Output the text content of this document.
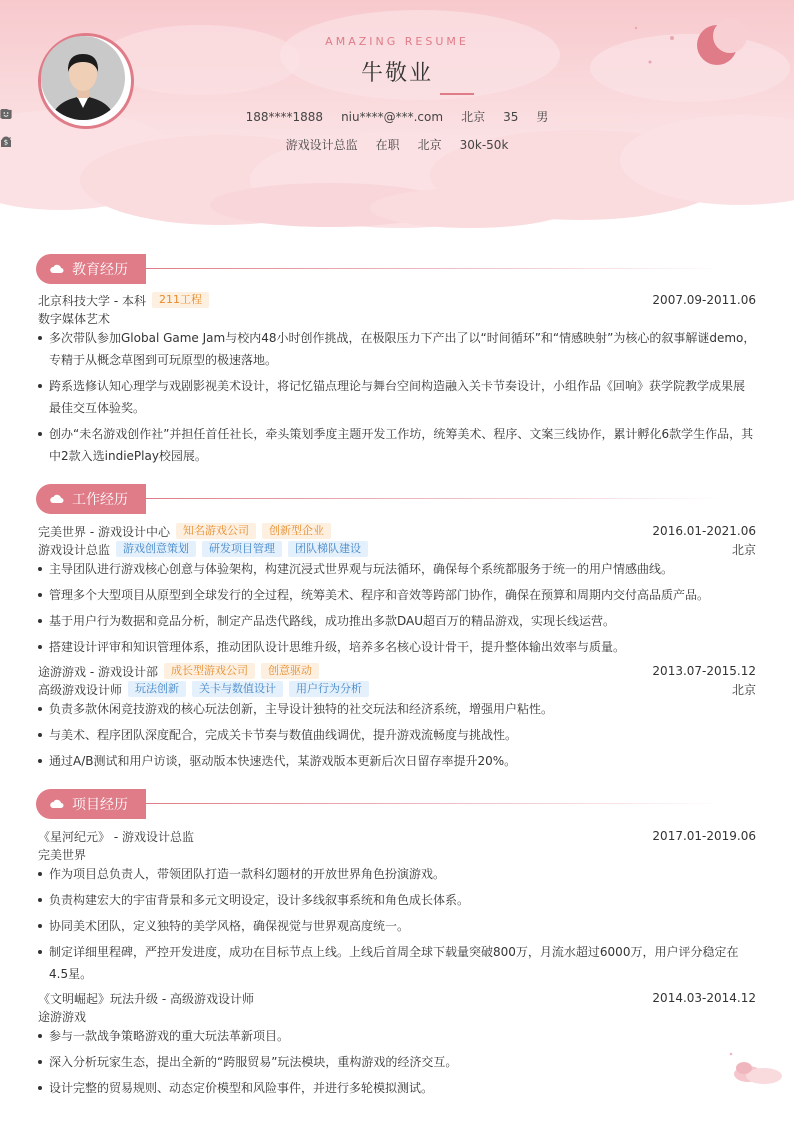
AMAZING RESUME
牛敬业
188****1888 niu****@***.com 北京 35 男
游戏设计总监 在职 北京
$	30k-50k
教育经历
北京科技大学 - 本科	211工程	2007.09-2011.06
数字媒体艺术
多次带队参加Global Game Jam与校内48小时创作挑战，在极限压力下产出了以“时间循环”和“情感映射”为核心的叙事解谜demo，专精于从概念草图到可玩原型的极速落地。
跨系选修认知心理学与戏剧影视美术设计，将记忆锚点理论与舞台空间构造融入关卡节奏设计，小组作品《回响》获学院教学成果展最佳交互体验奖。
创办“未名游戏创作社”并担任首任社长，牵头策划季度主题开发工作坊，统筹美术、程序、文案三线协作，累计孵化6款学生作品，其中2款入选indiePlay校园展。
工作经历
完美世界 - 游戏设计中心	知名游戏公司	创新型企业	2016.01-2021.06
游戏设计总监	游戏创意策划	研发项目管理	团队梯队建设	北京
主导团队进行游戏核心创意与体验架构，构建沉浸式世界观与玩法循环，确保每个系统都服务于统一的用户情感曲线。
管理多个大型项目从原型到全球发行的全过程，统筹美术、程序和音效等跨部门协作，确保在预算和周期内交付高品质产品。
基于用户行为数据和竞品分析，制定产品迭代路线，成功推出多款DAU超百万的精品游戏，实现长线运营。
搭建设计评审和知识管理体系，推动团队设计思维升级，培养多名核心设计骨干，提升整体输出效率与质量。
途游游戏 - 游戏设计部	成长型游戏公司	创意驱动	2013.07-2015.12
高级游戏设计师	玩法创新	关卡与数值设计	用户行为分析	北京
负责多款休闲竞技游戏的核心玩法创新，主导设计独特的社交玩法和经济系统，增强用户粘性。
与美术、程序团队深度配合，完成关卡节奏与数值曲线调优，提升游戏流畅度与挑战性。
通过A/B测试和用户访谈，驱动版本快速迭代，某游戏版本更新后次日留存率提升20%。
项目经历
《星河纪元》 - 游戏设计总监	2017.01-2019.06
完美世界
作为项目总负责人，带领团队打造一款科幻题材的开放世界角色扮演游戏。
负责构建宏大的宇宙背景和多元文明设定，设计多线叙事系统和角色成长体系。
协同美术团队，定义独特的美学风格，确保视觉与世界观高度统一。
制定详细里程碑，严控开发进度，成功在目标节点上线。上线后首周全球下载量突破800万，月流水超过6000万，用户评分稳定在4.5星。
《文明崛起》玩法升级 - 高级游戏设计师	2014.03-2014.12
途游游戏
参与一款战争策略游戏的重大玩法革新项目。
深入分析玩家生态，提出全新的“跨服贸易”玩法模块，重构游戏的经济交互。
设计完整的贸易规则、动态定价模型和风险事件，并进行多轮模拟测试。
